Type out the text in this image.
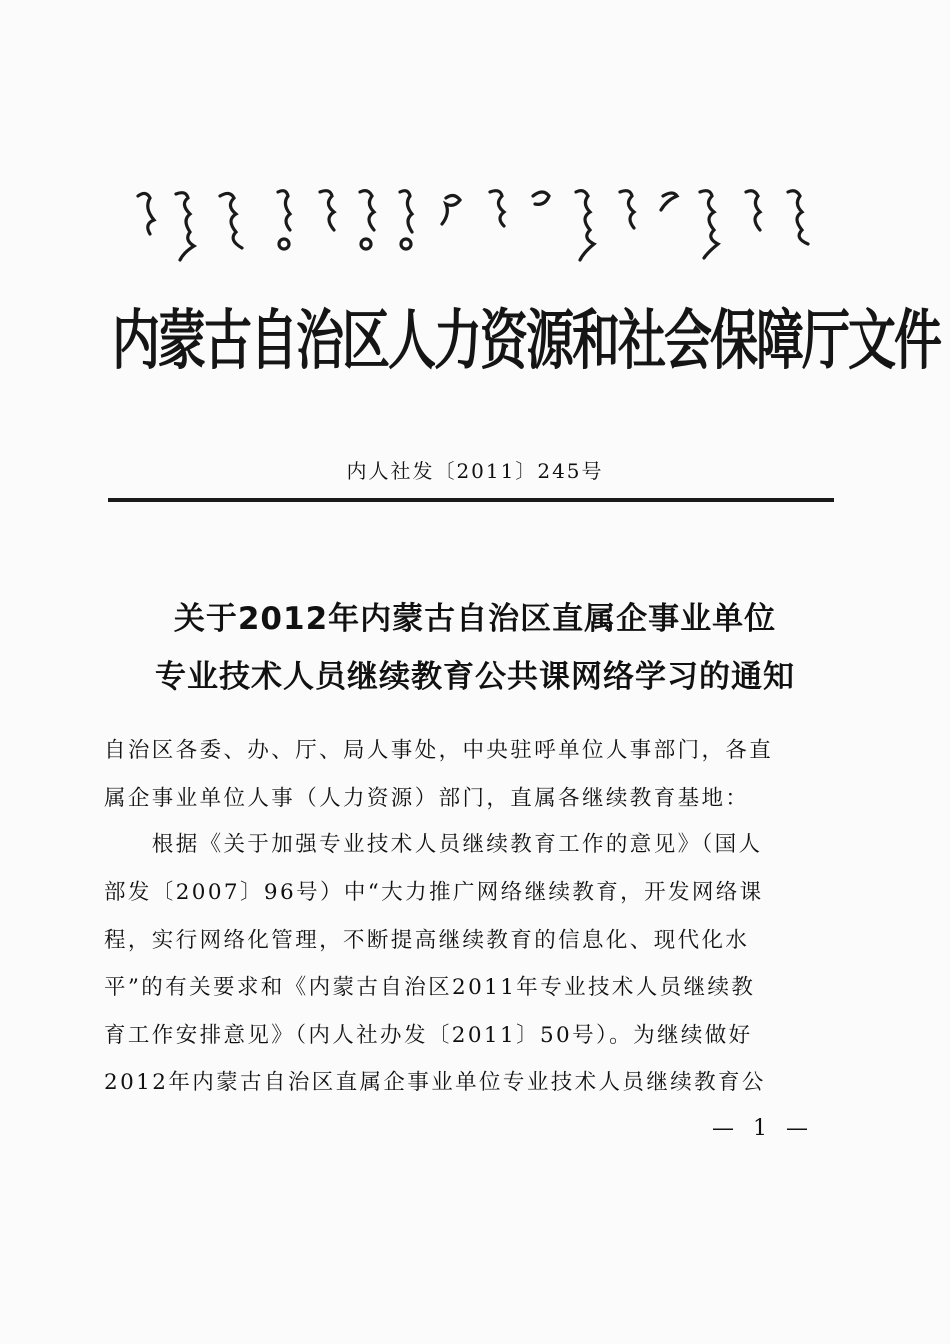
内蒙古自治区人力资源和社会保障厅文件
内人社发〔2011〕245号
关于2012年内蒙古自治区直属企事业单位
专业技术人员继续教育公共课网络学习的通知
自治区各委、办、厅、局人事处，中央驻呼单位人事部门，各直
属企事业单位人事（人力资源）部门，直属各继续教育基地：
　　根据《关于加强专业技术人员继续教育工作的意见》（国人
部发〔2007〕96号）中“大力推广网络继续教育，开发网络课
程，实行网络化管理，不断提高继续教育的信息化、现代化水
平”的有关要求和《内蒙古自治区2011年专业技术人员继续教
育工作安排意见》（内人社办发〔2011〕50号）。为继续做好
2012年内蒙古自治区直属企事业单位专业技术人员继续教育公
— 1 —
